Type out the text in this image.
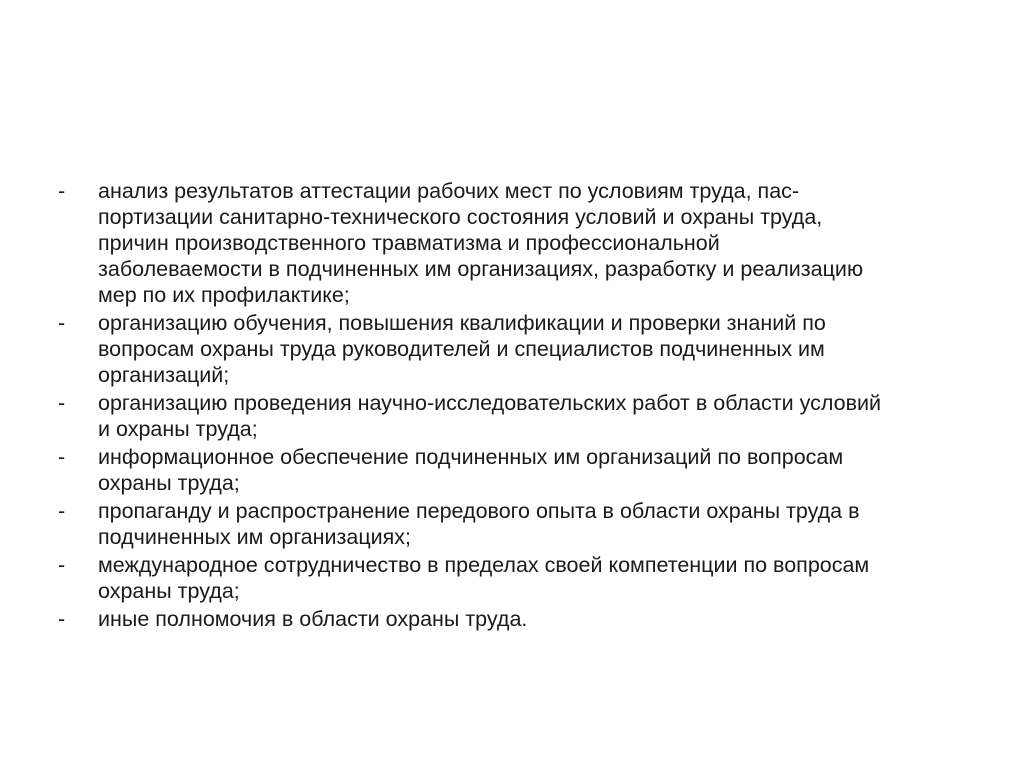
-	анализ результатов аттестации рабочих мест по условиям труда, пас-
портизации санитарно-технического состояния условий и охраны труда,
причин производственного травматизма и профессиональной
заболеваемости в подчиненных им организациях, разработку и реализацию
мер по их профилактике;
-	организацию обучения, повышения квалификации и проверки знаний по
вопросам охраны труда руководителей и специалистов подчиненных им
организаций;
-	организацию проведения научно-исследовательских работ в области условий
и охраны труда;
-	информационное обеспечение подчиненных им организаций по вопросам
охраны труда;
-	пропаганду и распространение передового опыта в области охраны труда в
подчиненных им организациях;
-	международное сотрудничество в пределах своей компетенции по вопросам
охраны труда;
-	иные полномочия в области охраны труда.
